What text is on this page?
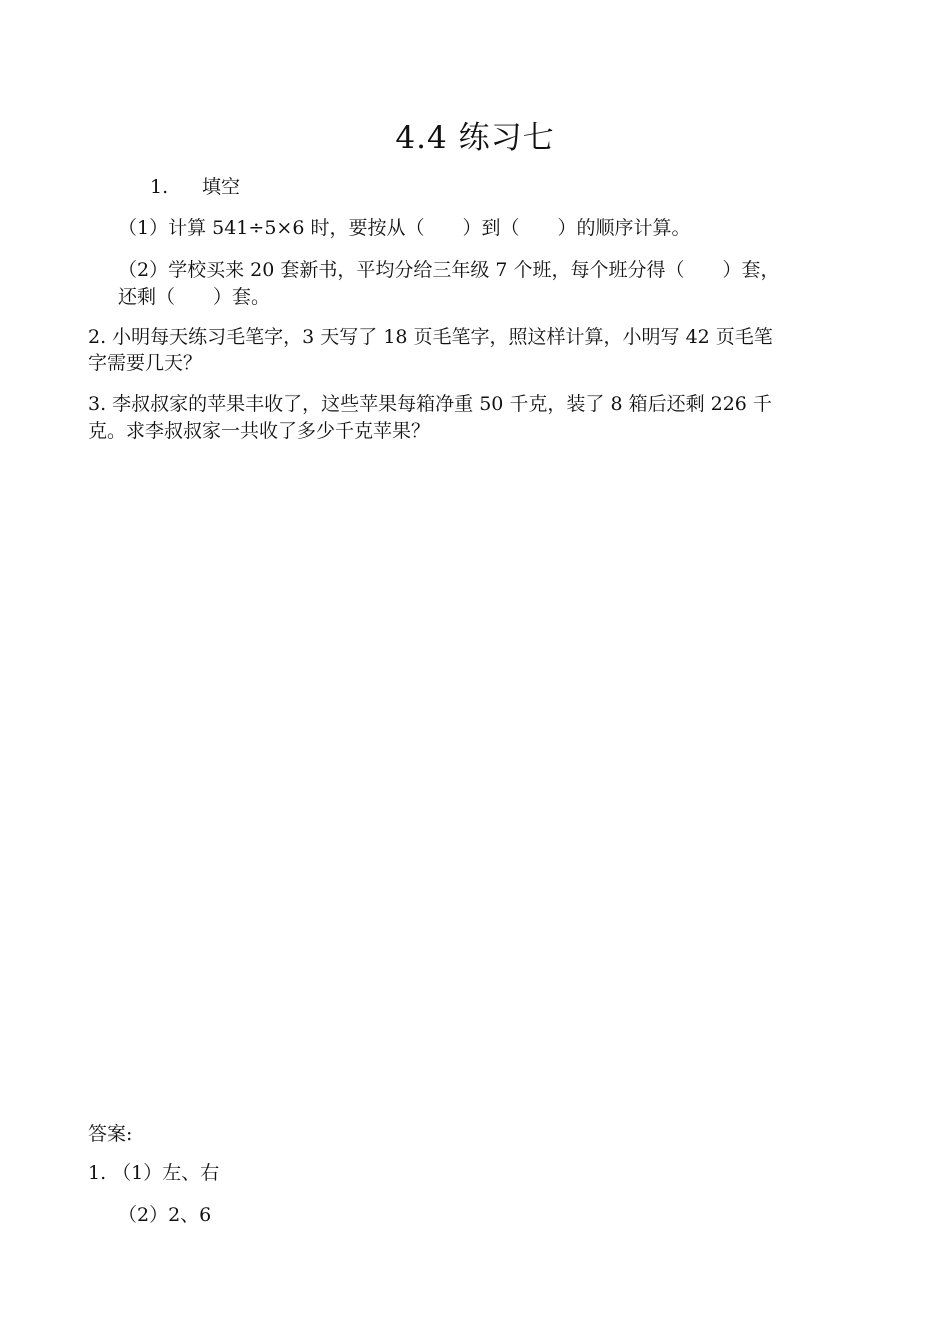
4.4 练习七
1. 填空
（1）计算 541÷5×6 时，要按从（　　）到（　　）的顺序计算。
（2）学校买来 20 套新书，平均分给三年级 7 个班，每个班分得（　　）套，
还剩（　　）套。
2. 小明每天练习毛笔字，3 天写了 18 页毛笔字，照这样计算，小明写 42 页毛笔
字需要几天？
3. 李叔叔家的苹果丰收了，这些苹果每箱净重 50 千克，装了 8 箱后还剩 226 千
克。求李叔叔家一共收了多少千克苹果？
答案:
1. （1）左、右
（2）2、6
